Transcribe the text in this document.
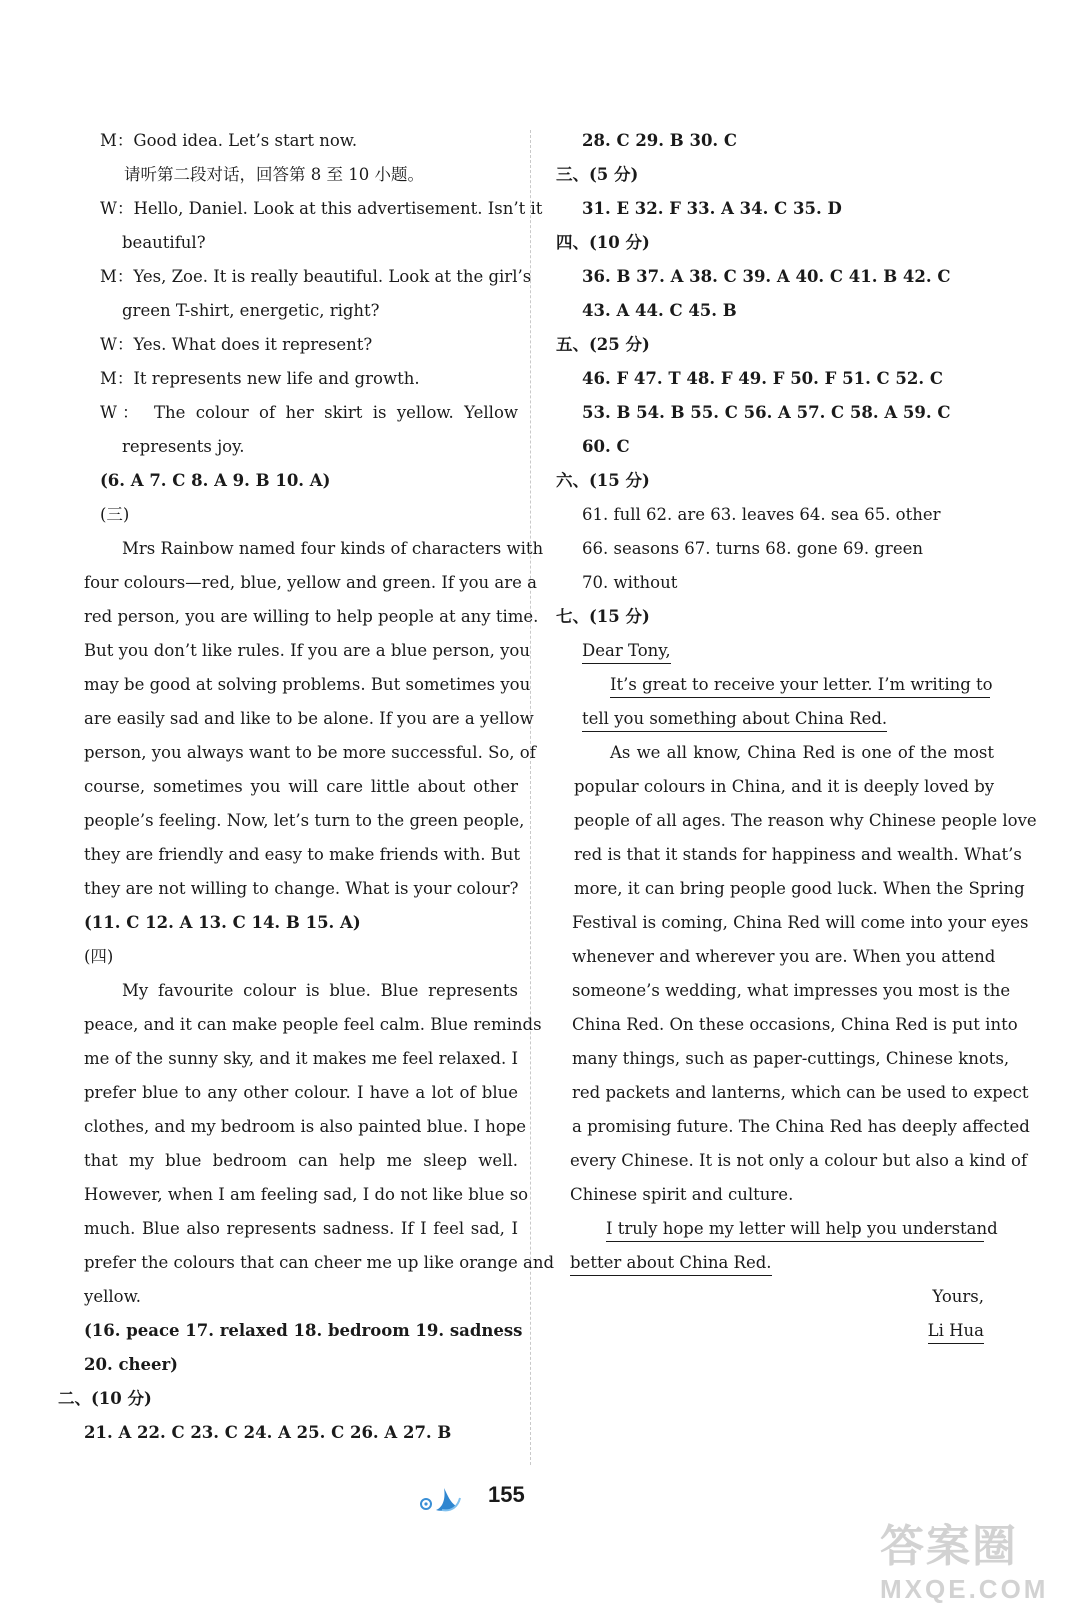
M：Good idea. Let’s start now.
请听第二段对话，回答第 8 至 10 小题。
W：Hello, Daniel. Look at this advertisement. Isn’t it
beautiful?
M：Yes, Zoe. It is really beautiful. Look at the girl’s
green T-shirt, energetic, right?
W：Yes. What does it represent?
M：It represents new life and growth.
W： The colour of her skirt is yellow. Yellow
represents joy.
(6. A 7. C 8. A 9. B 10. A)
(三)
Mrs Rainbow named four kinds of characters with
four colours—red, blue, yellow and green. If you are a
red person, you are willing to help people at any time.
But you don’t like rules. If you are a blue person, you
may be good at solving problems. But sometimes you
are easily sad and like to be alone. If you are a yellow
person, you always want to be more successful. So, of
course, sometimes you will care little about other
people’s feeling. Now, let’s turn to the green people,
they are friendly and easy to make friends with. But
they are not willing to change. What is your colour?
(11. C 12. A 13. C 14. B 15. A)
(四)
My favourite colour is blue. Blue represents
peace, and it can make people feel calm. Blue reminds
me of the sunny sky, and it makes me feel relaxed. I
prefer blue to any other colour. I have a lot of blue
clothes, and my bedroom is also painted blue. I hope
that my blue bedroom can help me sleep well.
However, when I am feeling sad, I do not like blue so
much. Blue also represents sadness. If I feel sad, I
prefer the colours that can cheer me up like orange and
yellow.
(16. peace 17. relaxed 18. bedroom 19. sadness
20. cheer)
二、(10 分)
21. A 22. C 23. C 24. A 25. C 26. A 27. B
28. C 29. B 30. C
三、(5 分)
31. E 32. F 33. A 34. C 35. D
四、(10 分)
36. B 37. A 38. C 39. A 40. C 41. B 42. C
43. A 44. C 45. B
五、(25 分)
46. F 47. T 48. F 49. F 50. F 51. C 52. C
53. B 54. B 55. C 56. A 57. C 58. A 59. C
60. C
六、(15 分)
61. full 62. are 63. leaves 64. sea 65. other
66. seasons 67. turns 68. gone 69. green
70. without
七、(15 分)
Dear Tony,
It’s great to receive your letter. I’m writing to
tell you something about China Red.
As we all know, China Red is one of the most
popular colours in China, and it is deeply loved by
people of all ages. The reason why Chinese people love
red is that it stands for happiness and wealth. What’s
more, it can bring people good luck. When the Spring
Festival is coming, China Red will come into your eyes
whenever and wherever you are. When you attend
someone’s wedding, what impresses you most is the
China Red. On these occasions, China Red is put into
many things, such as paper-cuttings, Chinese knots,
red packets and lanterns, which can be used to expect
a promising future. The China Red has deeply affected
every Chinese. It is not only a colour but also a kind of
Chinese spirit and culture.
I truly hope my letter will help you understand
better about China Red.
Yours,
Li Hua
155
答案圈
MXQE.COM
